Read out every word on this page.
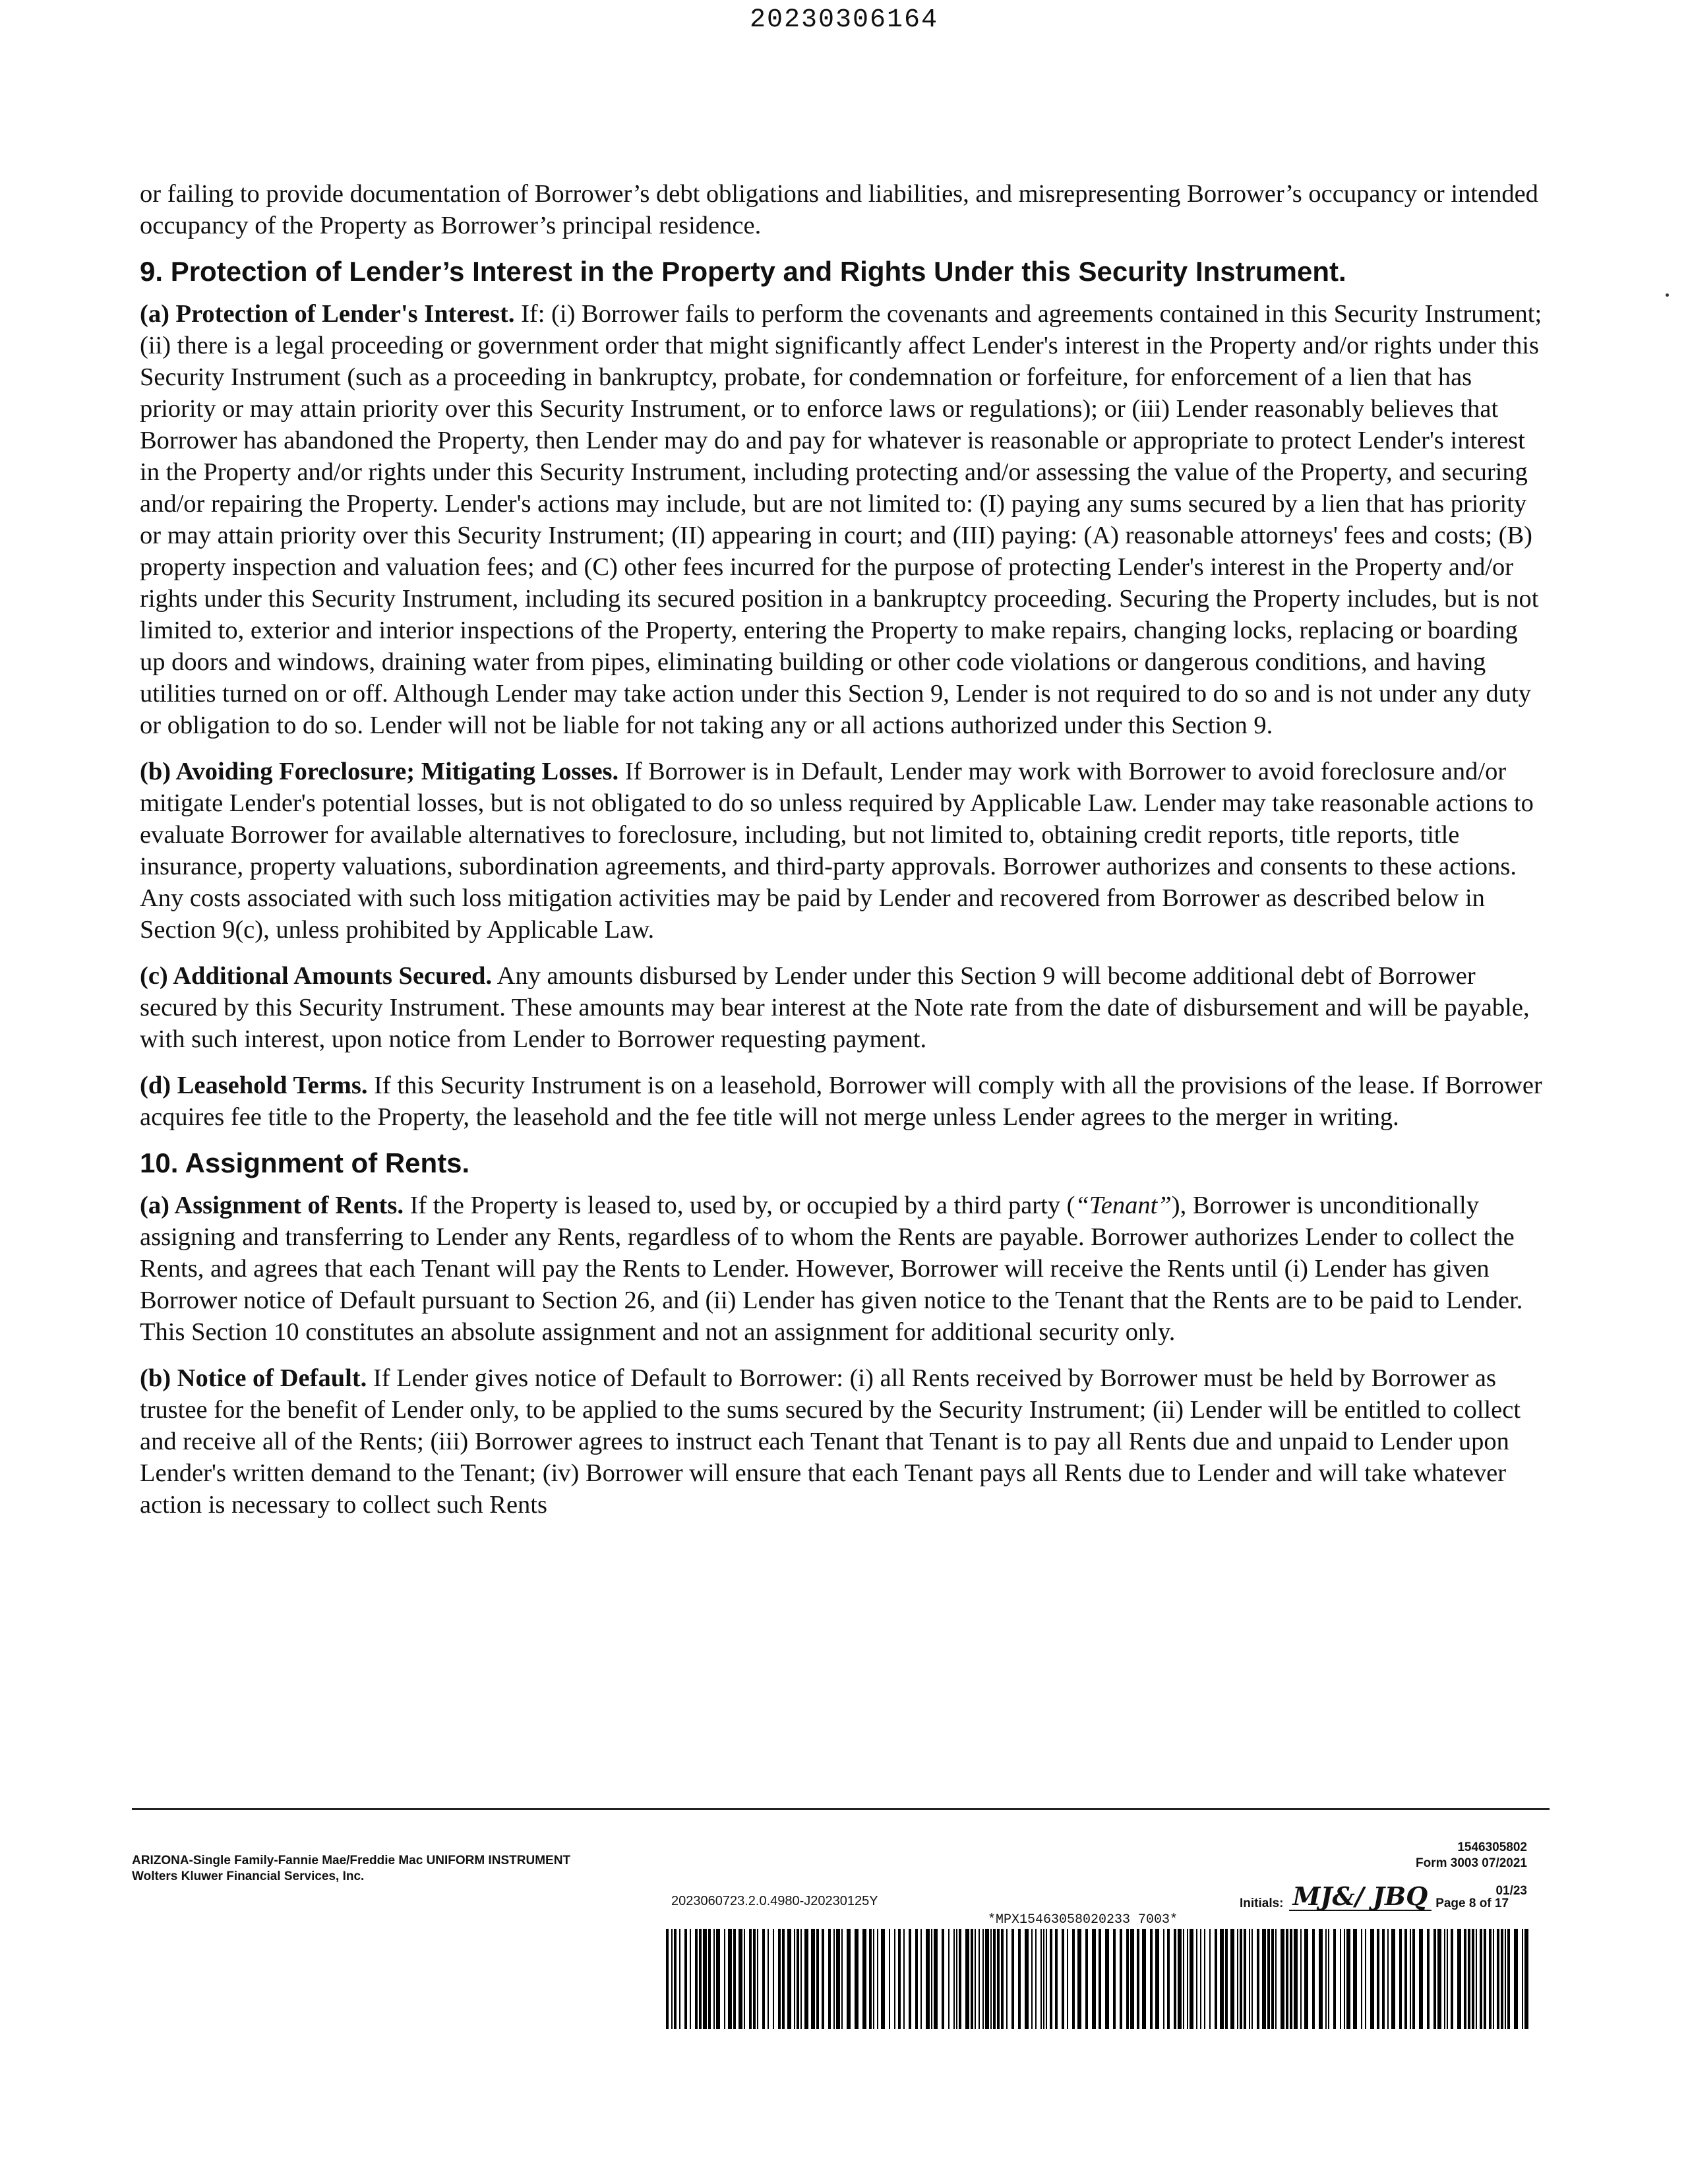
20230306164

or failing to provide documentation of Borrower’s debt obligations and liabilities, and misrepresenting Borrower’s occupancy or intended occupancy of the Property as Borrower’s principal residence.

9. Protection of Lender’s Interest in the Property and Rights Under this Security Instrument.

(a) Protection of Lender's Interest. If: (i) Borrower fails to perform the covenants and agreements contained in this Security Instrument; (ii) there is a legal proceeding or government order that might significantly affect Lender's interest in the Property and/or rights under this Security Instrument (such as a proceeding in bankruptcy, probate, for condemnation or forfeiture, for enforcement of a lien that has priority or may attain priority over this Security Instrument, or to enforce laws or regulations); or (iii) Lender reasonably believes that Borrower has abandoned the Property, then Lender may do and pay for whatever is reasonable or appropriate to protect Lender's interest in the Property and/or rights under this Security Instrument, including protecting and/or assessing the value of the Property, and securing and/or repairing the Property. Lender's actions may include, but are not limited to: (I) paying any sums secured by a lien that has priority or may attain priority over this Security Instrument; (II) appearing in court; and (III) paying: (A) reasonable attorneys' fees and costs; (B) property inspection and valuation fees; and (C) other fees incurred for the purpose of protecting Lender's interest in the Property and/or rights under this Security Instrument, including its secured position in a bankruptcy proceeding. Securing the Property includes, but is not limited to, exterior and interior inspections of the Property, entering the Property to make repairs, changing locks, replacing or boarding up doors and windows, draining water from pipes, eliminating building or other code violations or dangerous conditions, and having utilities turned on or off. Although Lender may take action under this Section 9, Lender is not required to do so and is not under any duty or obligation to do so. Lender will not be liable for not taking any or all actions authorized under this Section 9.

(b) Avoiding Foreclosure; Mitigating Losses. If Borrower is in Default, Lender may work with Borrower to avoid foreclosure and/or mitigate Lender's potential losses, but is not obligated to do so unless required by Applicable Law. Lender may take reasonable actions to evaluate Borrower for available alternatives to foreclosure, including, but not limited to, obtaining credit reports, title reports, title insurance, property valuations, subordination agreements, and third-party approvals. Borrower authorizes and consents to these actions. Any costs associated with such loss mitigation activities may be paid by Lender and recovered from Borrower as described below in Section 9(c), unless prohibited by Applicable Law.

(c) Additional Amounts Secured. Any amounts disbursed by Lender under this Section 9 will become additional debt of Borrower secured by this Security Instrument. These amounts may bear interest at the Note rate from the date of disbursement and will be payable, with such interest, upon notice from Lender to Borrower requesting payment.

(d) Leasehold Terms. If this Security Instrument is on a leasehold, Borrower will comply with all the provisions of the lease. If Borrower acquires fee title to the Property, the leasehold and the fee title will not merge unless Lender agrees to the merger in writing.

10. Assignment of Rents.

(a) Assignment of Rents. If the Property is leased to, used by, or occupied by a third party (“Tenant”), Borrower is unconditionally assigning and transferring to Lender any Rents, regardless of to whom the Rents are payable. Borrower authorizes Lender to collect the Rents, and agrees that each Tenant will pay the Rents to Lender. However, Borrower will receive the Rents until (i) Lender has given Borrower notice of Default pursuant to Section 26, and (ii) Lender has given notice to the Tenant that the Rents are to be paid to Lender. This Section 10 constitutes an absolute assignment and not an assignment for additional security only.

(b) Notice of Default. If Lender gives notice of Default to Borrower: (i) all Rents received by Borrower must be held by Borrower as trustee for the benefit of Lender only, to be applied to the sums secured by the Security Instrument; (ii) Lender will be entitled to collect and receive all of the Rents; (iii) Borrower agrees to instruct each Tenant that Tenant is to pay all Rents due and unpaid to Lender upon Lender's written demand to the Tenant; (iv) Borrower will ensure that each Tenant pays all Rents due to Lender and will take whatever action is necessary to collect such Rents

ARIZONA-Single Family-Fannie Mae/Freddie Mac UNIFORM INSTRUMENT
Wolters Kluwer Financial Services, Inc.
2023060723.2.0.4980-J20230125Y
1546305802
Form 3003 07/2021
01/23
Initials: MJ&/ JBQ Page 8 of 17
*MPX15463058020233 7003*
